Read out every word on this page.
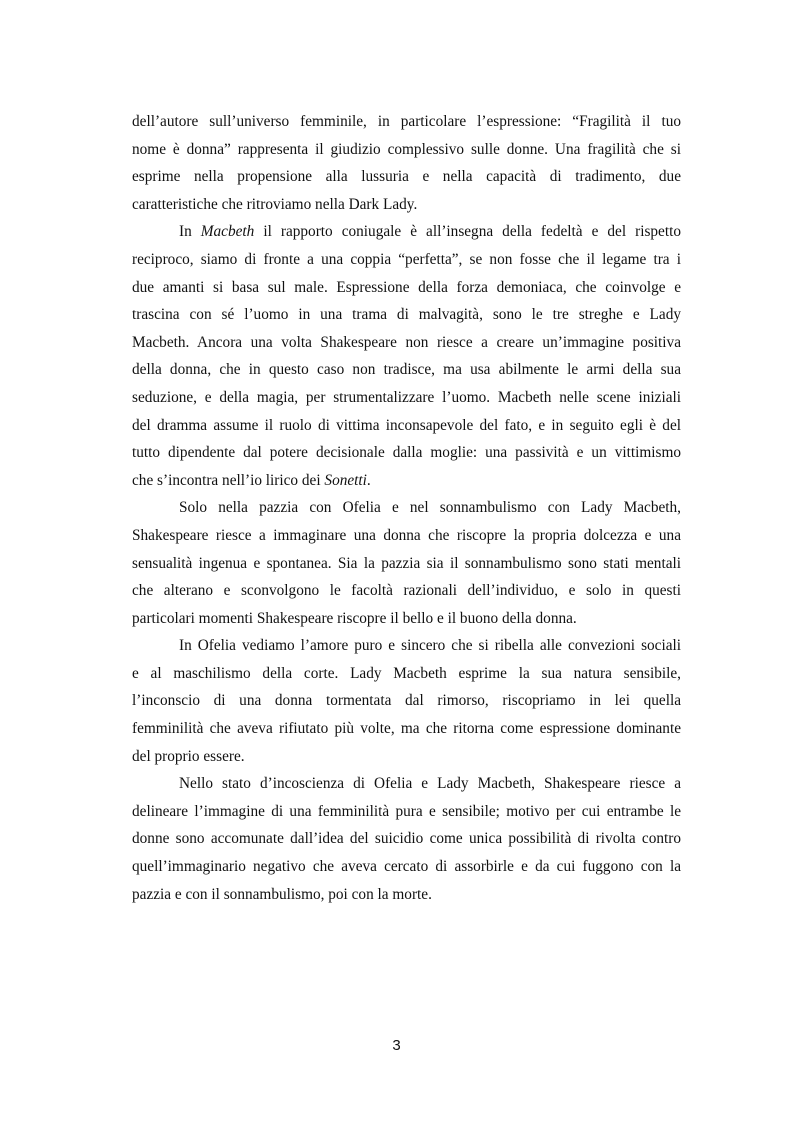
dell’autore sull’universo femminile, in particolare l’espressione: “Fragilità il tuo
nome è donna” rappresenta il giudizio complessivo sulle donne. Una fragilità che si
esprime nella propensione alla lussuria e nella capacità di tradimento, due
caratteristiche che ritroviamo nella Dark Lady.
In Macbeth il rapporto coniugale è all’insegna della fedeltà e del rispetto
reciproco, siamo di fronte a una coppia “perfetta”, se non fosse che il legame tra i
due amanti si basa sul male. Espressione della forza demoniaca, che coinvolge e
trascina con sé l’uomo in una trama di malvagità, sono le tre streghe e Lady
Macbeth. Ancora una volta Shakespeare non riesce a creare un’immagine positiva
della donna, che in questo caso non tradisce, ma usa abilmente le armi della sua
seduzione, e della magia, per strumentalizzare l’uomo. Macbeth nelle scene iniziali
del dramma assume il ruolo di vittima inconsapevole del fato, e in seguito egli è del
tutto dipendente dal potere decisionale dalla moglie: una passività e un vittimismo
che s’incontra nell’io lirico dei Sonetti.
Solo nella pazzia con Ofelia e nel sonnambulismo con Lady Macbeth,
Shakespeare riesce a immaginare una donna che riscopre la propria dolcezza e una
sensualità ingenua e spontanea. Sia la pazzia sia il sonnambulismo sono stati mentali
che alterano e sconvolgono le facoltà razionali dell’individuo, e solo in questi
particolari momenti Shakespeare riscopre il bello e il buono della donna.
In Ofelia vediamo l’amore puro e sincero che si ribella alle convezioni sociali
e al maschilismo della corte. Lady Macbeth esprime la sua natura sensibile,
l’inconscio di una donna tormentata dal rimorso, riscopriamo in lei quella
femminilità che aveva rifiutato più volte, ma che ritorna come espressione dominante
del proprio essere.
Nello stato d’incoscienza di Ofelia e Lady Macbeth, Shakespeare riesce a
delineare l’immagine di una femminilità pura e sensibile; motivo per cui entrambe le
donne sono accomunate dall’idea del suicidio come unica possibilità di rivolta contro
quell’immaginario negativo che aveva cercato di assorbirle e da cui fuggono con la
pazzia e con il sonnambulismo, poi con la morte.
3
